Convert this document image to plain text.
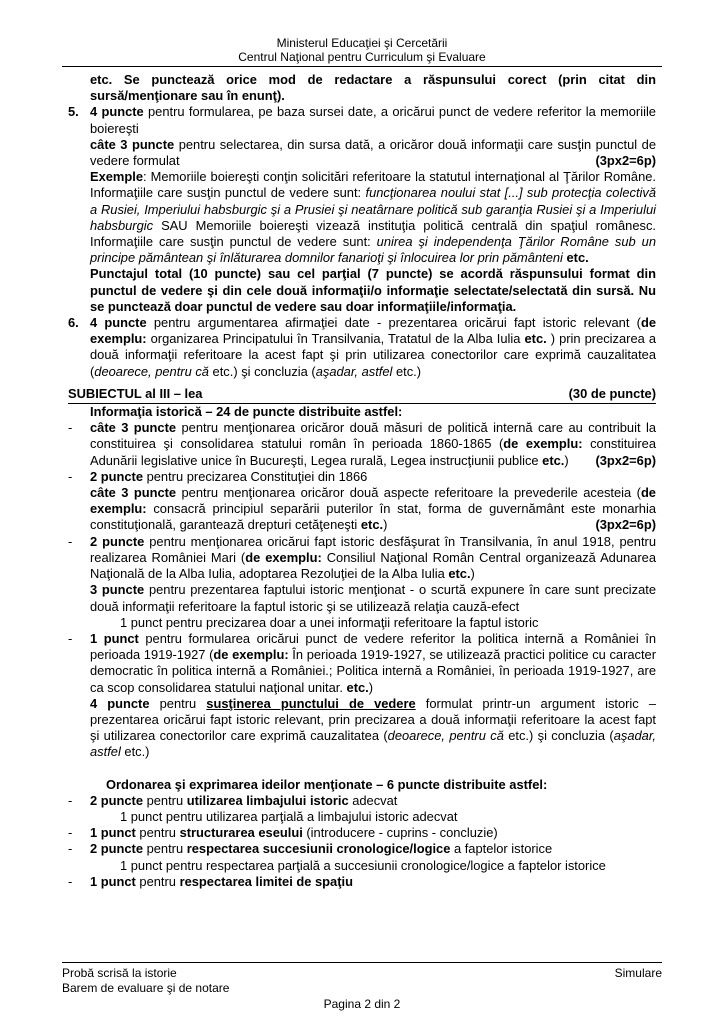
Ministerul Educaţiei şi Cercetării
Centrul Naţional pentru Curriculum şi Evaluare
etc. Se punctează orice mod de redactare a răspunsului corect (prin citat din sursă/menţionare sau în enunţ).
5. 4 puncte pentru formularea, pe baza sursei date, a oricărui punct de vedere referitor la memoriile boiereşti
câte 3 puncte pentru selectarea, din sursa dată, a oricăror două informaţii care susţin punctul de vedere formulat	(3px2=6p)
Exemple: Memoriile boiereşti conţin solicitări referitoare la statutul internaţional al Ţărilor Române. Informaţiile care susţin punctul de vedere sunt: funcţionarea noului stat [...] sub protecţia colectivă a Rusiei, Imperiului habsburgic şi a Prusiei şi neatârnare politică sub garanţia Rusiei şi a Imperiului habsburgic SAU Memoriile boiereşti vizează instituţia politică centrală din spaţiul românesc. Informaţiile care susţin punctul de vedere sunt: unirea şi independenţa Ţărilor Române sub un principe pământean şi înlăturarea domnilor fanarioţi şi înlocuirea lor prin pământeni etc.
Punctajul total (10 puncte) sau cel parţial (7 puncte) se acordă răspunsului format din punctul de vedere şi din cele două informaţii/o informaţie selectate/selectată din sursă. Nu se punctează doar punctul de vedere sau doar informaţiile/informaţia.
6. 4 puncte pentru argumentarea afirmaţiei date - prezentarea oricărui fapt istoric relevant (de exemplu: organizarea Principatului în Transilvania, Tratatul de la Alba Iulia etc. ) prin precizarea a două informaţii referitoare la acest fapt şi prin utilizarea conectorilor care exprimă cauzalitatea (deoarece, pentru că etc.) şi concluzia (aşadar, astfel etc.)
SUBIECTUL al III – lea	(30 de puncte)
Informaţia istorică – 24 de puncte distribuite astfel:
- câte 3 puncte pentru menţionarea oricăror două măsuri de politică internă care au contribuit la constituirea şi consolidarea statului român în perioada 1860-1865 (de exemplu: constituirea Adunării legislative unice în Bucureşti, Legea rurală, Legea instrucţiunii publice etc.)	(3px2=6p)
- 2 puncte pentru precizarea Constituţiei din 1866
câte 3 puncte pentru menţionarea oricăror două aspecte referitoare la prevederile acesteia (de exemplu: consacră principiul separării puterilor în stat, forma de guvernământ este monarhia constituţională, garantează drepturi cetăţeneşti etc.)	(3px2=6p)
- 2 puncte pentru menţionarea oricărui fapt istoric desfăşurat în Transilvania, în anul 1918, pentru realizarea României Mari (de exemplu: Consiliul Naţional Român Central organizează Adunarea Naţională de la Alba Iulia, adoptarea Rezoluţiei de la Alba Iulia etc.)
3 puncte pentru prezentarea faptului istoric menţionat - o scurtă expunere în care sunt precizate două informaţii referitoare la faptul istoric şi se utilizează relaţia cauză-efect
1 punct pentru precizarea doar a unei informaţii referitoare la faptul istoric
- 1 punct pentru formularea oricărui punct de vedere referitor la politica internă a României în perioada 1919-1927 (de exemplu: În perioada 1919-1927, se utilizează practici politice cu caracter democratic în politica internă a României.; Politica internă a României, în perioada 1919-1927, are ca scop consolidarea statului naţional unitar. etc.)
4 puncte pentru susţinerea punctului de vedere formulat printr-un argument istoric – prezentarea oricărui fapt istoric relevant, prin precizarea a două informaţii referitoare la acest fapt şi utilizarea conectorilor care exprimă cauzalitatea (deoarece, pentru că etc.) şi concluzia (aşadar, astfel etc.)
Ordonarea şi exprimarea ideilor menţionate – 6 puncte distribuite astfel:
- 2 puncte pentru utilizarea limbajului istoric adecvat
1 punct pentru utilizarea parţială a limbajului istoric adecvat
- 1 punct pentru structurarea eseului (introducere - cuprins - concluzie)
- 2 puncte pentru respectarea succesiunii cronologice/logice a faptelor istorice
1 punct pentru respectarea parţială a succesiunii cronologice/logice a faptelor istorice
- 1 punct pentru respectarea limitei de spaţiu
Probă scrisă la istorie	Simulare
Barem de evaluare şi de notare
Pagina 2 din 2
